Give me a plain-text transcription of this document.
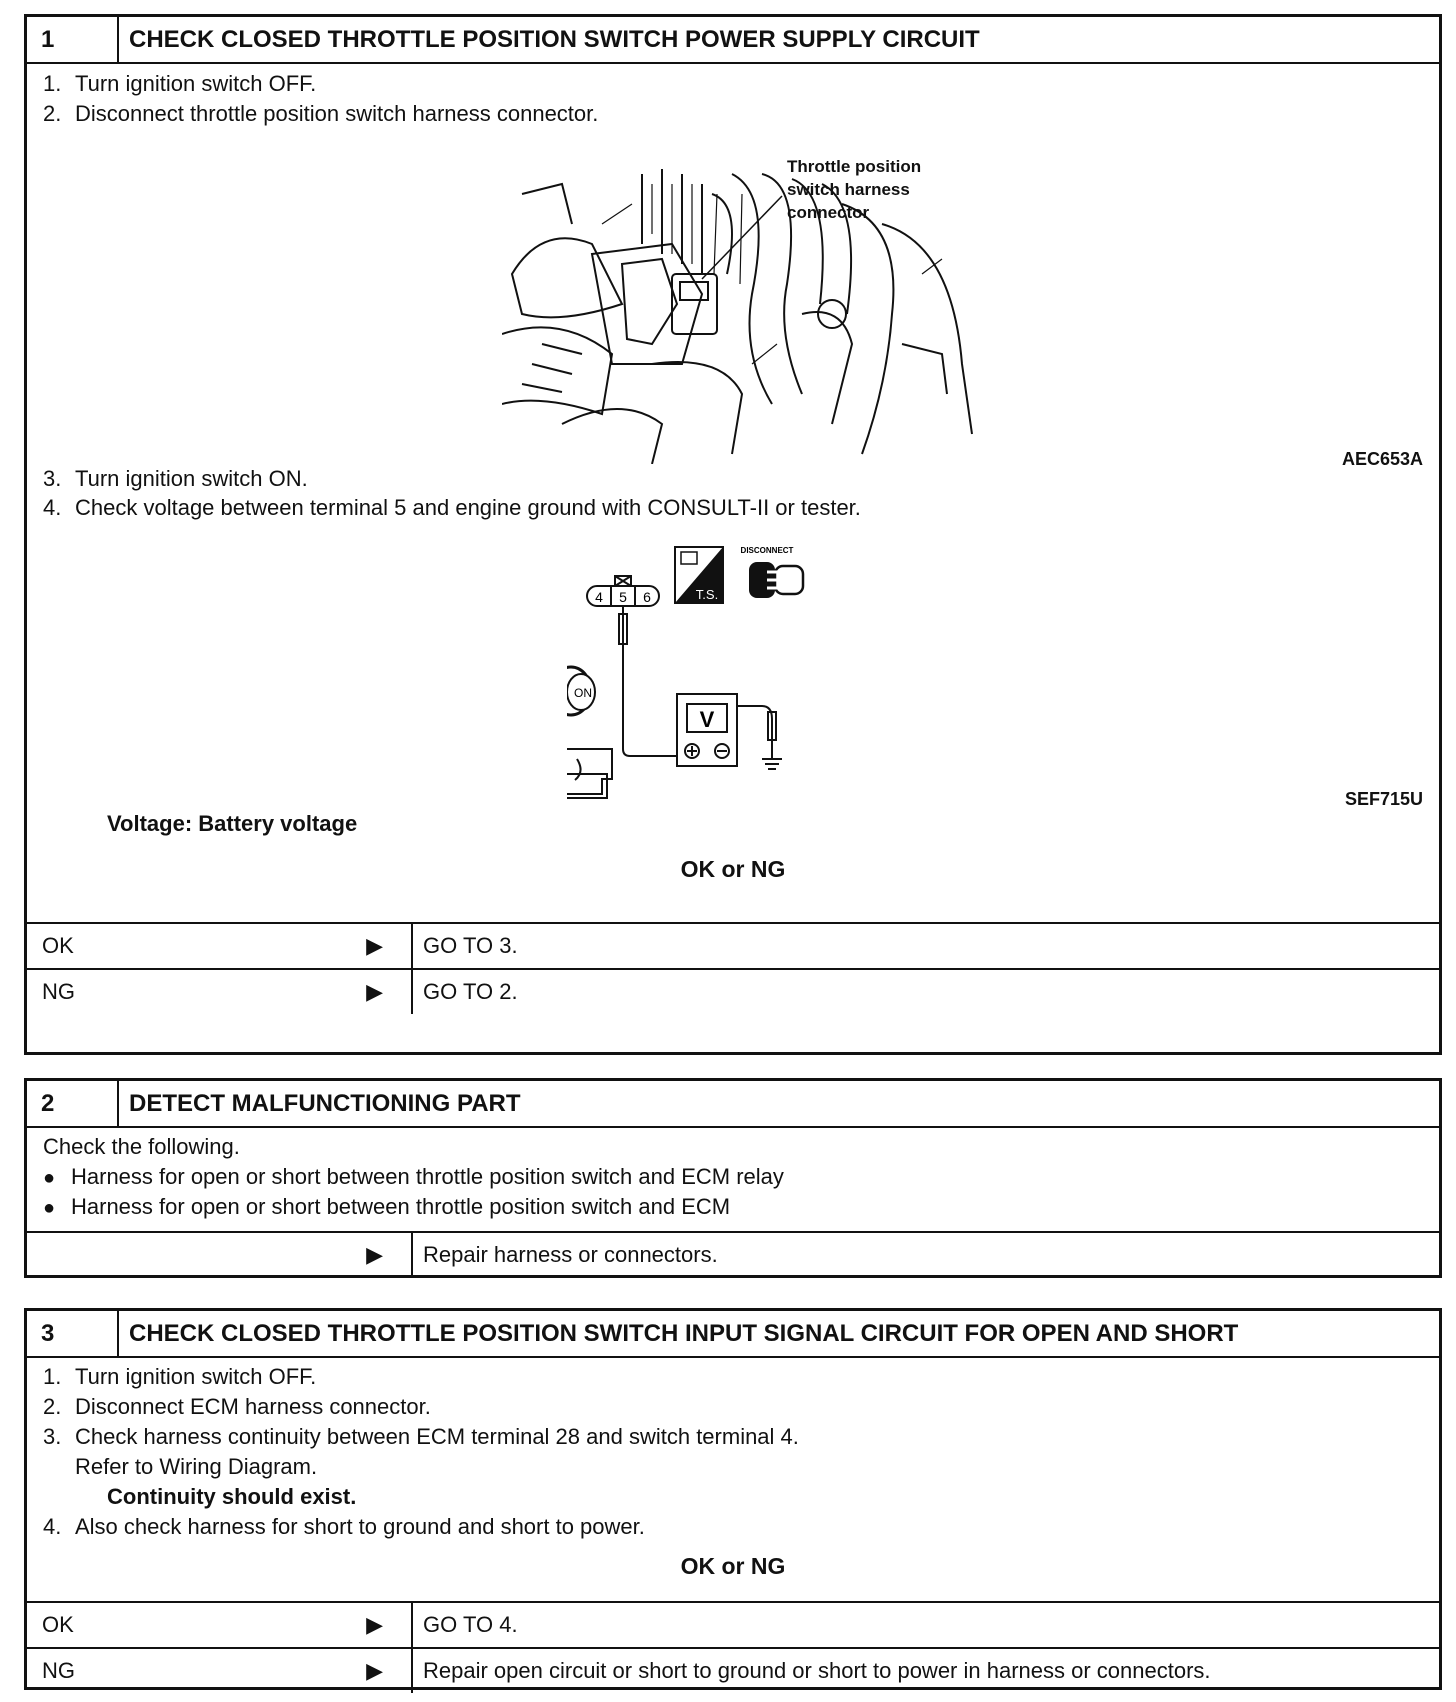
1	CHECK CLOSED THROTTLE POSITION SWITCH POWER SUPPLY CIRCUIT
1. Turn ignition switch OFF.
2. Disconnect throttle position switch harness connector.
Throttle position
switch harness
connector
AEC653A
3. Turn ignition switch ON.
4. Check voltage between terminal 5 and engine ground with CONSULT-II or tester.
V
4 5 6	T.S.
DISCONNECT
ON
SEF715U
Voltage: Battery voltage
OK or NG
OK	▶	GO TO 3.
NG	▶	GO TO 2.
2	DETECT MALFUNCTIONING PART
Check the following.
● Harness for open or short between throttle position switch and ECM relay
● Harness for open or short between throttle position switch and ECM
▶	Repair harness or connectors.
3	CHECK CLOSED THROTTLE POSITION SWITCH INPUT SIGNAL CIRCUIT FOR OPEN AND SHORT
1. Turn ignition switch OFF.
2. Disconnect ECM harness connector.
3. Check harness continuity between ECM terminal 28 and switch terminal 4.
Refer to Wiring Diagram.
Continuity should exist.
4. Also check harness for short to ground and short to power.
OK or NG
OK	▶	GO TO 4.
NG	▶	Repair open circuit or short to ground or short to power in harness or connectors.
